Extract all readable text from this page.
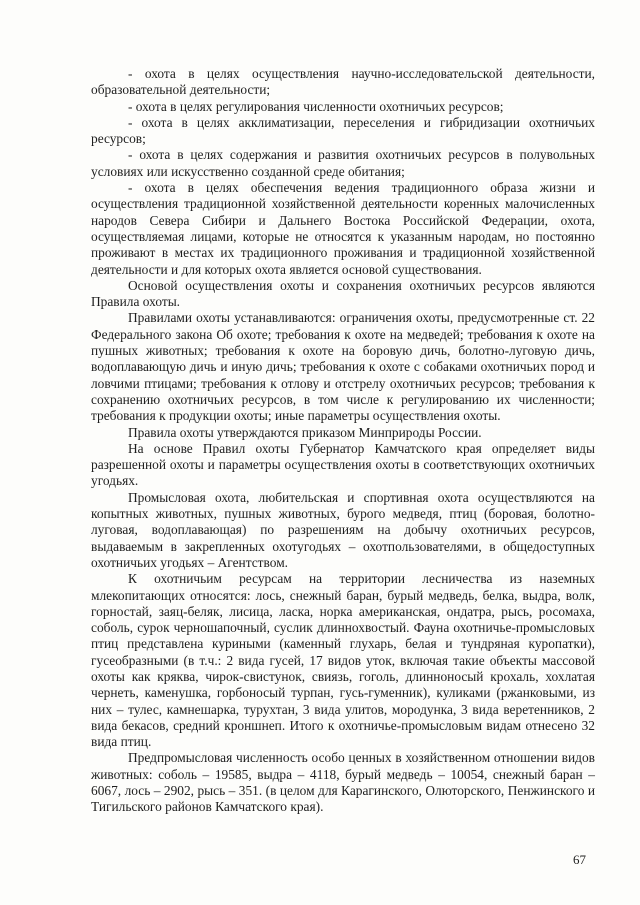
- охота в целях осуществления научно-исследовательской деятельности, образовательной деятельности;

- охота в целях регулирования численности охотничьих ресурсов;

- охота в целях акклиматизации, переселения и гибридизации охотничьих ресурсов;

- охота в целях содержания и развития охотничьих ресурсов в полувольных условиях или искусственно созданной среде обитания;

- охота в целях обеспечения ведения традиционного образа жизни и осуществления традиционной хозяйственной деятельности коренных малочисленных народов Севера Сибири и Дальнего Востока Российской Федерации, охота, осуществляемая лицами, которые не относятся к указанным народам, но постоянно проживают в местах их традиционного проживания и традиционной хозяйственной деятельности и для которых охота является основой существования.

Основой осуществления охоты и сохранения охотничьих ресурсов являются Правила охоты.

Правилами охоты устанавливаются: ограничения охоты, предусмотренные ст. 22 Федерального закона Об охоте; требования к охоте на медведей; требования к охоте на пушных животных; требования к охоте на боровую дичь, болотно-луговую дичь, водоплавающую дичь и иную дичь; требования к охоте с собаками охотничьих пород и ловчими птицами; требования к отлову и отстрелу охотничьих ресурсов; требования к сохранению охотничьих ресурсов, в том числе к регулированию их численности; требования к продукции охоты; иные параметры осуществления охоты.

Правила охоты утверждаются приказом Минприроды России.

На основе Правил охоты Губернатор Камчатского края определяет виды разрешенной охоты и параметры осуществления охоты в соответствующих охотничьих угодьях.

Промысловая охота, любительская и спортивная охота осуществляются на копытных животных, пушных животных, бурого медведя, птиц (боровая, болотно-луговая, водоплавающая) по разрешениям на добычу охотничьих ресурсов, выдаваемым в закрепленных охотугодьях – охотпользователями, в общедоступных охотничьих угодьях – Агентством.

К охотничьим ресурсам на территории лесничества из наземных млекопитающих относятся: лось, снежный баран, бурый медведь, белка, выдра, волк, горностай, заяц-беляк, лисица, ласка, норка американская, ондатра, рысь, росомаха, соболь, сурок черношапочный, суслик длиннохвостый. Фауна охотничье-промысловых птиц представлена куриными (каменный глухарь, белая и тундряная куропатки), гусеобразными (в т.ч.: 2 вида гусей, 17 видов уток, включая такие объекты массовой охоты как кряква, чирок-свистунок, свиязь, гоголь, длинноносый крохаль, хохлатая чернеть, каменушка, горбоносый турпан, гусь-гуменник), куликами (ржанковыми, из них – тулес, камнешарка, турухтан, 3 вида улитов, мородунка, 3 вида веретенников, 2 вида бекасов, средний кроншнеп. Итого к охотничье-промысловым видам отнесено 32 вида птиц.

Предпромысловая численность особо ценных в хозяйственном отношении видов животных: соболь – 19585, выдра – 4118, бурый медведь – 10054, снежный баран – 6067, лось – 2902, рысь – 351. (в целом для Карагинского, Олюторского, Пенжинского и Тигильского районов Камчатского края).

67
